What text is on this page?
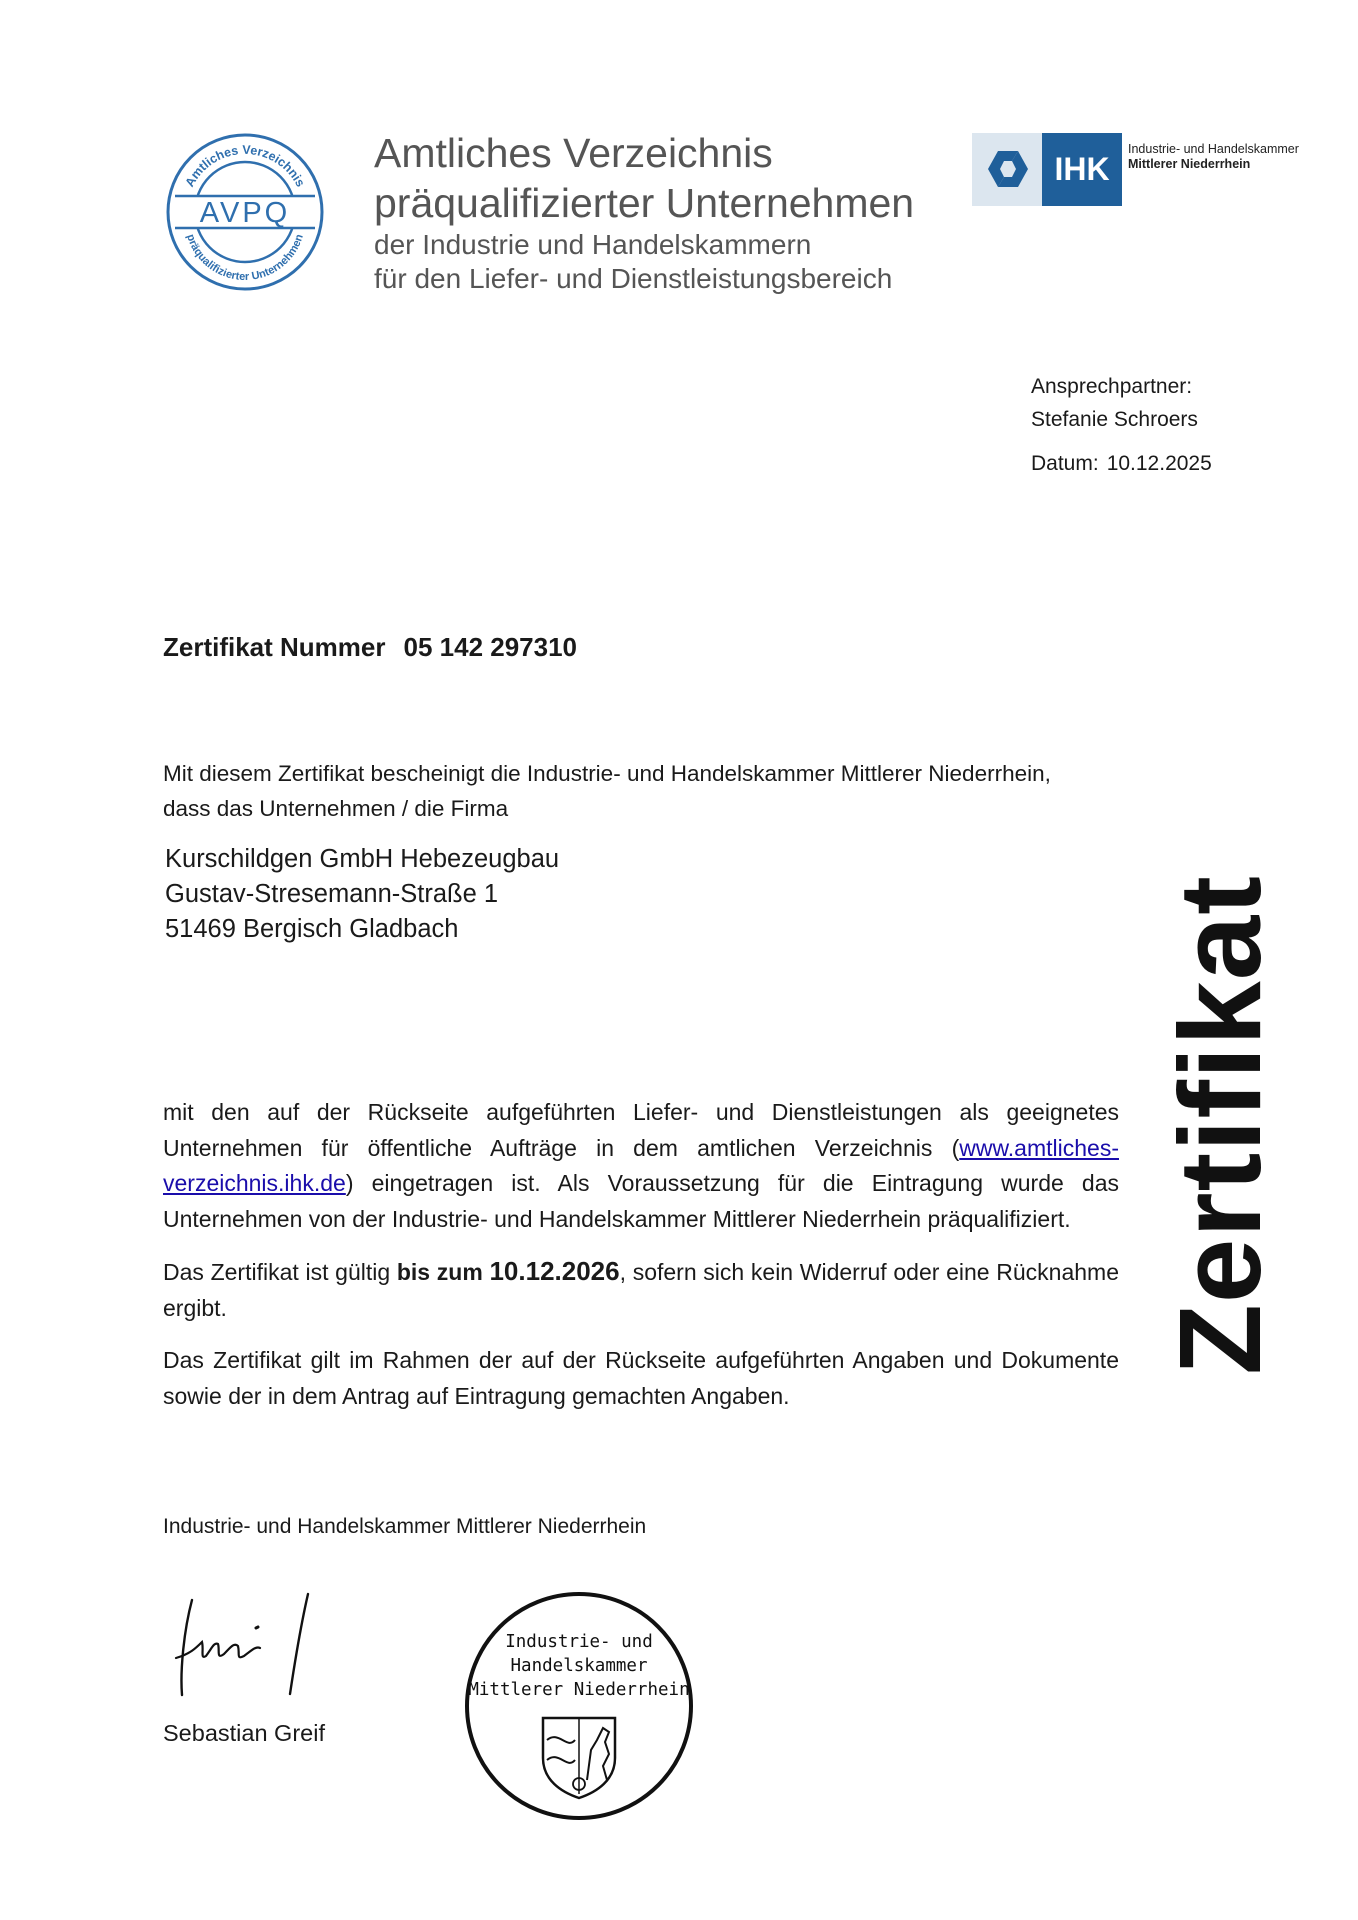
AVPQ
Amtliches Verzeichnis
präqualifizierter Unternehmen
Amtliches Verzeichnis
präqualifizierter Unternehmen
der Industrie und Handelskammern
für den Liefer- und Dienstleistungsbereich
IHK
Industrie- und Handelskammer
Mittlerer Niederrhein
Ansprechpartner:
Stefanie Schroers
Datum: 10.12.2025
Zertifikat Nummer 05 142 297310
Mit diesem Zertifikat bescheinigt die Industrie- und Handelskammer Mittlerer Niederrhein, dass das Unternehmen / die Firma
Kurschildgen GmbH Hebezeugbau
Gustav-Stresemann-Straße 1
51469 Bergisch Gladbach	Zertifikat

mit den auf der Rückseite aufgeführten Liefer- und Dienstleistungen als geeignetes Unternehmen für öffentliche Aufträge in dem amtlichen Verzeichnis (www.amtliches-verzeichnis.ihk.de) eingetragen ist. Als Voraussetzung für die Eintragung wurde das Unternehmen von der Industrie- und Handelskammer Mittlerer Niederrhein präqualifiziert.

Das Zertifikat ist gültig bis zum 10.12.2026, sofern sich kein Widerruf oder eine Rücknahme ergibt.

Das Zertifikat gilt im Rahmen der auf der Rückseite aufgeführten Angaben und Dokumente sowie der in dem Antrag auf Eintragung gemachten Angaben.

Industrie- und Handelskammer Mittlerer Niederrhein
Sebastian Greif
Industrie- und
Handelskammer
Mittlerer Niederrhein
